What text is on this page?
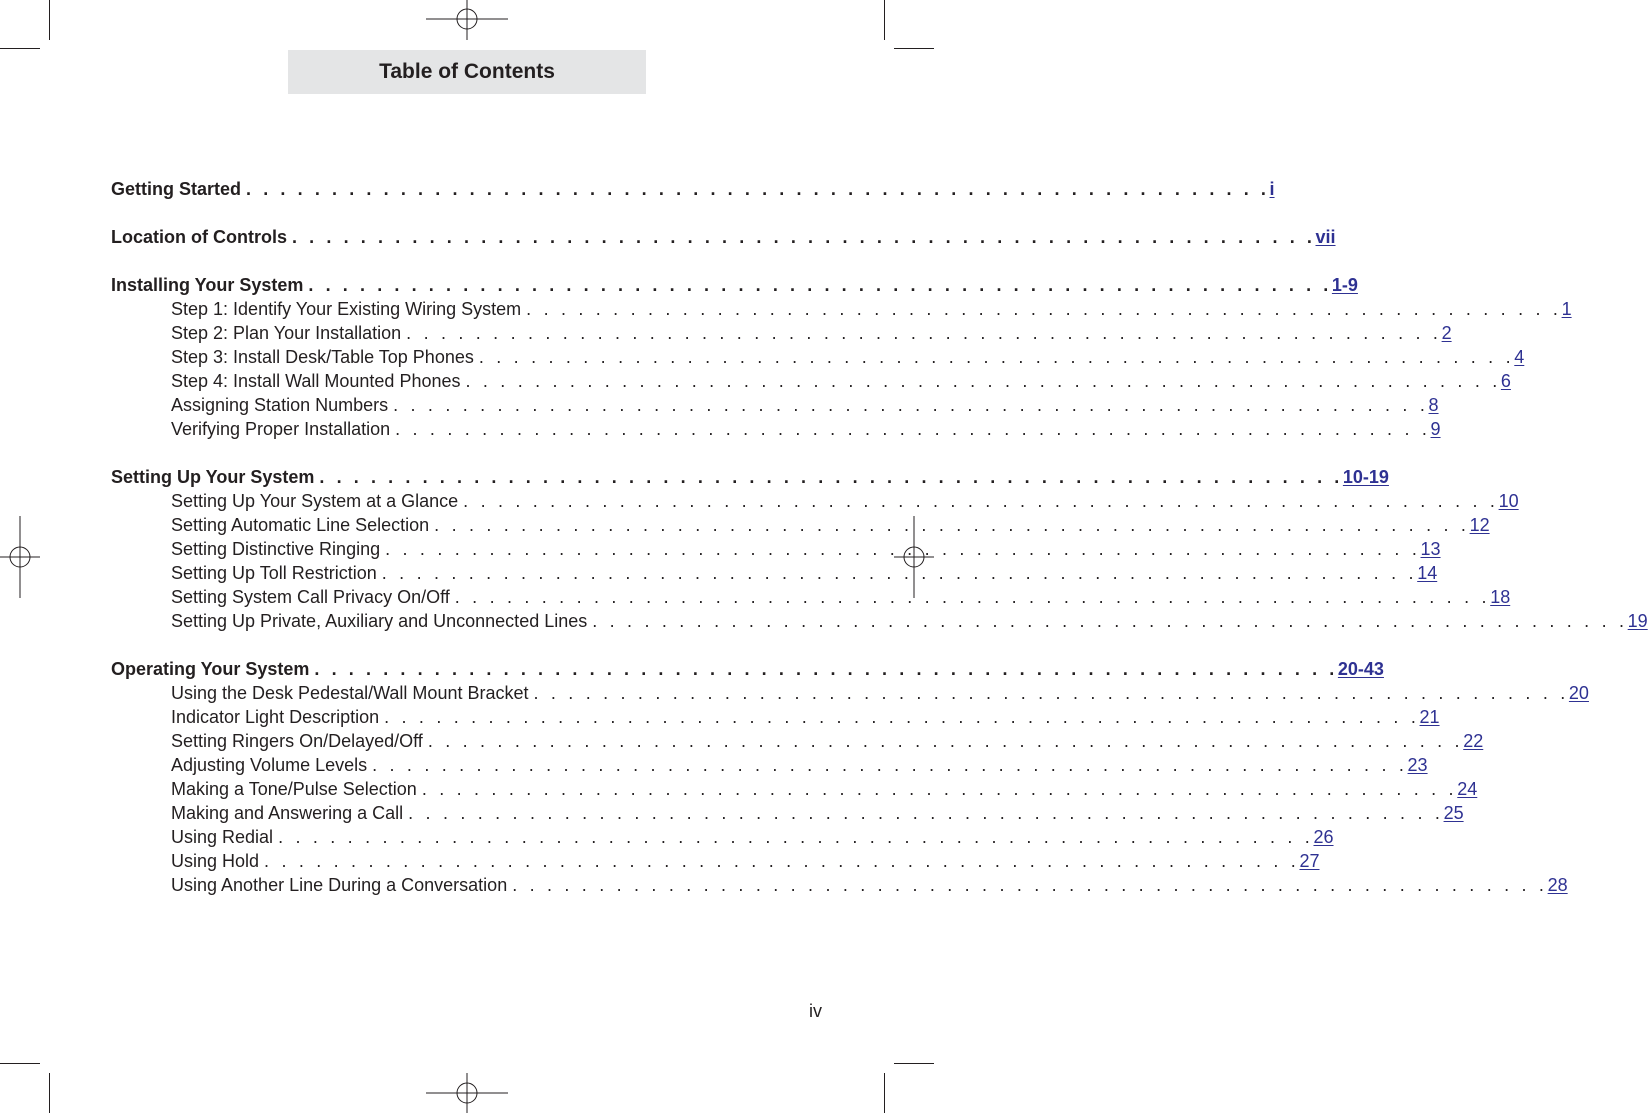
Table of Contents
Getting Started . . . . . . . . . . . . . . . . . . . . . . . . . . . . . . . . . . . . . . . . . . . . . . . . . . . . . . . . . . . . i
Location of Controls . . . . . . . . . . . . . . . . . . . . . . . . . . . . . . . . . . . . . . . . . . . . . . . . . . . . . . . . . . . . vii
Installing Your System . . . . . . . . . . . . . . . . . . . . . . . . . . . . . . . . . . . . . . . . . . . . . . . . . . . . . . . . . . . . 1-9
Step 1: Identify Your Existing Wiring System . . . . . . . . . . . . . . . . . . . . . . . . . . . . . . . . . . . . . . . . . . . . . . . . . . . . . . . . . . . . 1
Step 2: Plan Your Installation . . . . . . . . . . . . . . . . . . . . . . . . . . . . . . . . . . . . . . . . . . . . . . . . . . . . . . . . . . . . 2
Step 3: Install Desk/Table Top Phones . . . . . . . . . . . . . . . . . . . . . . . . . . . . . . . . . . . . . . . . . . . . . . . . . . . . . . . . . . . . 4
Step 4: Install Wall Mounted Phones . . . . . . . . . . . . . . . . . . . . . . . . . . . . . . . . . . . . . . . . . . . . . . . . . . . . . . . . . . . . 6
Assigning Station Numbers . . . . . . . . . . . . . . . . . . . . . . . . . . . . . . . . . . . . . . . . . . . . . . . . . . . . . . . . . . . . 8
Verifying Proper Installation . . . . . . . . . . . . . . . . . . . . . . . . . . . . . . . . . . . . . . . . . . . . . . . . . . . . . . . . . . . . 9
Setting Up Your System . . . . . . . . . . . . . . . . . . . . . . . . . . . . . . . . . . . . . . . . . . . . . . . . . . . . . . . . . . . . 10-19
Setting Up Your System at a Glance . . . . . . . . . . . . . . . . . . . . . . . . . . . . . . . . . . . . . . . . . . . . . . . . . . . . . . . . . . . . 10
Setting Automatic Line Selection . . . . . . . . . . . . . . . . . . . . . . . . . . . . . . . . . . . . . . . . . . . . . . . . . . . . . . . . . . . . 12
Setting Distinctive Ringing . . . . . . . . . . . . . . . . . . . . . . . . . . . . . . . . . . . . . . . . . . . . . . . . . . . . . . . . . . . . 13
Setting Up Toll Restriction . . . . . . . . . . . . . . . . . . . . . . . . . . . . . . . . . . . . . . . . . . . . . . . . . . . . . . . . . . . . 14
Setting System Call Privacy On/Off . . . . . . . . . . . . . . . . . . . . . . . . . . . . . . . . . . . . . . . . . . . . . . . . . . . . . . . . . . . . 18
Setting Up Private, Auxiliary and Unconnected Lines . . . . . . . . . . . . . . . . . . . . . . . . . . . . . . . . . . . . . . . . . . . . . . . . . . . . . . . . . . . . 19
Operating Your System . . . . . . . . . . . . . . . . . . . . . . . . . . . . . . . . . . . . . . . . . . . . . . . . . . . . . . . . . . . . 20-43
Using the Desk Pedestal/Wall Mount Bracket . . . . . . . . . . . . . . . . . . . . . . . . . . . . . . . . . . . . . . . . . . . . . . . . . . . . . . . . . . . . 20
Indicator Light Description . . . . . . . . . . . . . . . . . . . . . . . . . . . . . . . . . . . . . . . . . . . . . . . . . . . . . . . . . . . . 21
Setting Ringers On/Delayed/Off . . . . . . . . . . . . . . . . . . . . . . . . . . . . . . . . . . . . . . . . . . . . . . . . . . . . . . . . . . . . 22
Adjusting Volume Levels . . . . . . . . . . . . . . . . . . . . . . . . . . . . . . . . . . . . . . . . . . . . . . . . . . . . . . . . . . . . 23
Making a Tone/Pulse Selection . . . . . . . . . . . . . . . . . . . . . . . . . . . . . . . . . . . . . . . . . . . . . . . . . . . . . . . . . . . . 24
Making and Answering a Call . . . . . . . . . . . . . . . . . . . . . . . . . . . . . . . . . . . . . . . . . . . . . . . . . . . . . . . . . . . . 25
Using Redial . . . . . . . . . . . . . . . . . . . . . . . . . . . . . . . . . . . . . . . . . . . . . . . . . . . . . . . . . . . . 26
Using Hold . . . . . . . . . . . . . . . . . . . . . . . . . . . . . . . . . . . . . . . . . . . . . . . . . . . . . . . . . . . . 27
Using Another Line During a Conversation . . . . . . . . . . . . . . . . . . . . . . . . . . . . . . . . . . . . . . . . . . . . . . . . . . . . . . . . . . . . 28
iv
